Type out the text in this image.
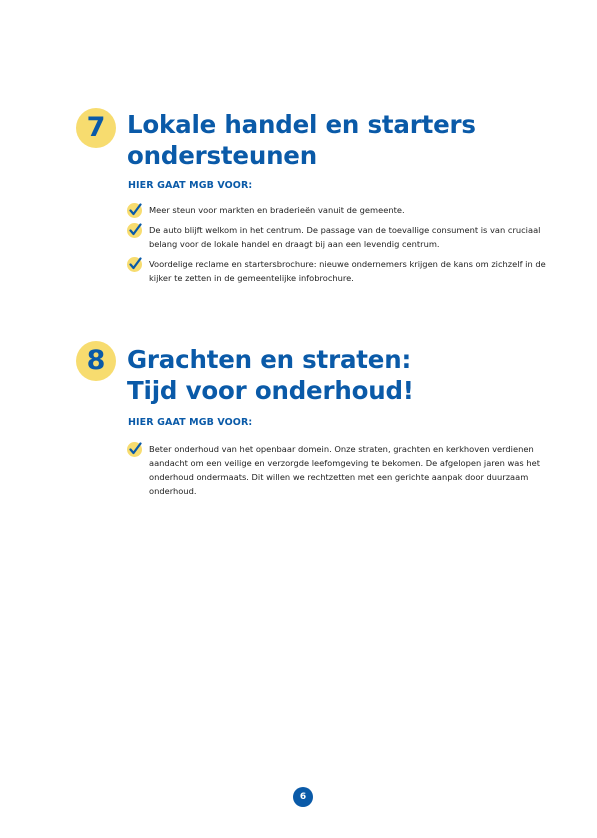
7 Lokale handel en starters
ondersteunen
HIER GAAT MGB VOOR:
Meer steun voor markten en braderieën vanuit de gemeente.
De auto blijft welkom in het centrum. De passage van de toevallige consument is van cruciaal belang voor de lokale handel en draagt bij aan een levendig centrum.
Voordelige reclame en startersbrochure: nieuwe ondernemers krijgen de kans om zichzelf in de kijker te zetten in de gemeentelijke infobrochure.
8 Grachten en straten:
Tijd voor onderhoud!
HIER GAAT MGB VOOR:
Beter onderhoud van het openbaar domein. Onze straten, grachten en kerkhoven verdienen aandacht om een veilige en verzorgde leefomgeving te bekomen. De afgelopen jaren was het onderhoud ondermaats. Dit willen we rechtzetten met een gerichte aanpak door duurzaam onderhoud.
6
